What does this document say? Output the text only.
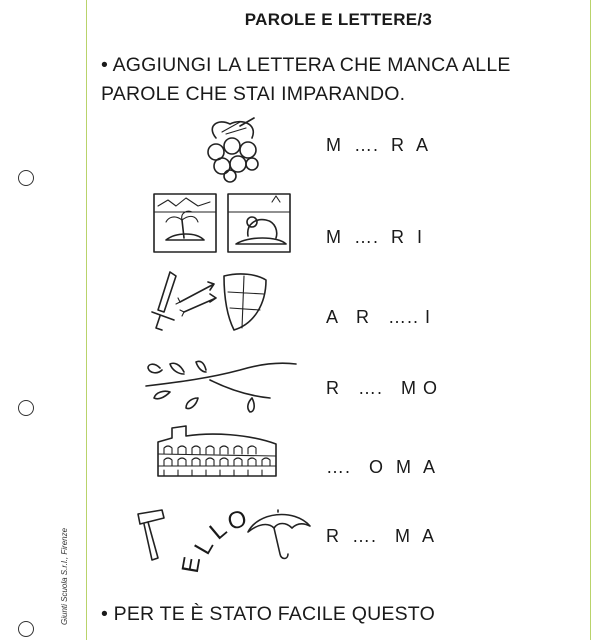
Giunti Scuola S.r.l., Firenze
PAROLE E LETTERE/3
• AGGIUNGI LA LETTERA CHE MANCA ALLE
PAROLE CHE STAI IMPARANDO.
M  ….  R  A
M  ….  R  I
A   R   ….. I
R   ….   M O
….   O  M  A
E
L
L
O
R  ….   M  A
• PER TE È STATO FACILE QUESTO
